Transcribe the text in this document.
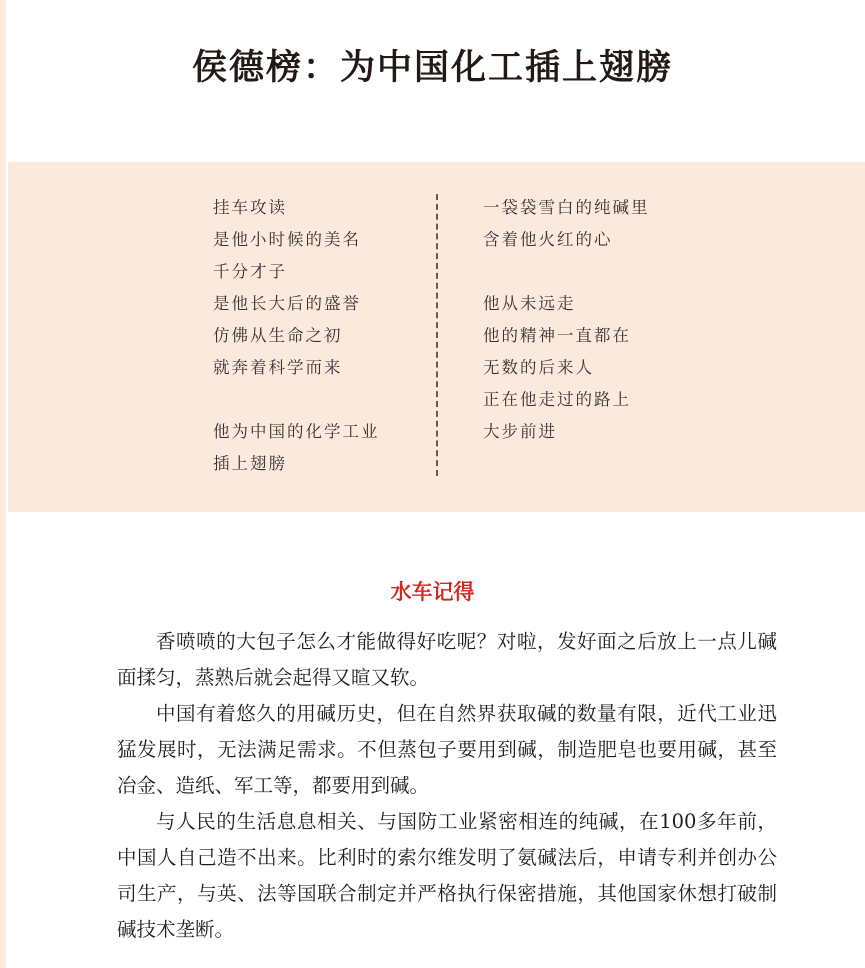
侯德榜：为中国化工插上翅膀
挂车攻读
是他小时候的美名
千分才子
是他长大后的盛誉
仿佛从生命之初
就奔着科学而来
他为中国的化学工业
插上翅膀
一袋袋雪白的纯碱里
含着他火红的心
他从未远走
他的精神一直都在
无数的后来人
正在他走过的路上
大步前进
水车记得

香喷喷的大包子怎么才能做得好吃呢？对啦，发好面之后放上一点儿碱面揉匀，蒸熟后就会起得又暄又软。

中国有着悠久的用碱历史，但在自然界获取碱的数量有限，近代工业迅猛发展时，无法满足需求。不但蒸包子要用到碱，制造肥皂也要用碱，甚至冶金、造纸、军工等，都要用到碱。

与人民的生活息息相关、与国防工业紧密相连的纯碱，在100多年前，中国人自己造不出来。比利时的索尔维发明了氨碱法后，申请专利并创办公司生产，与英、法等国联合制定并严格执行保密措施，其他国家休想打破制碱技术垄断。
